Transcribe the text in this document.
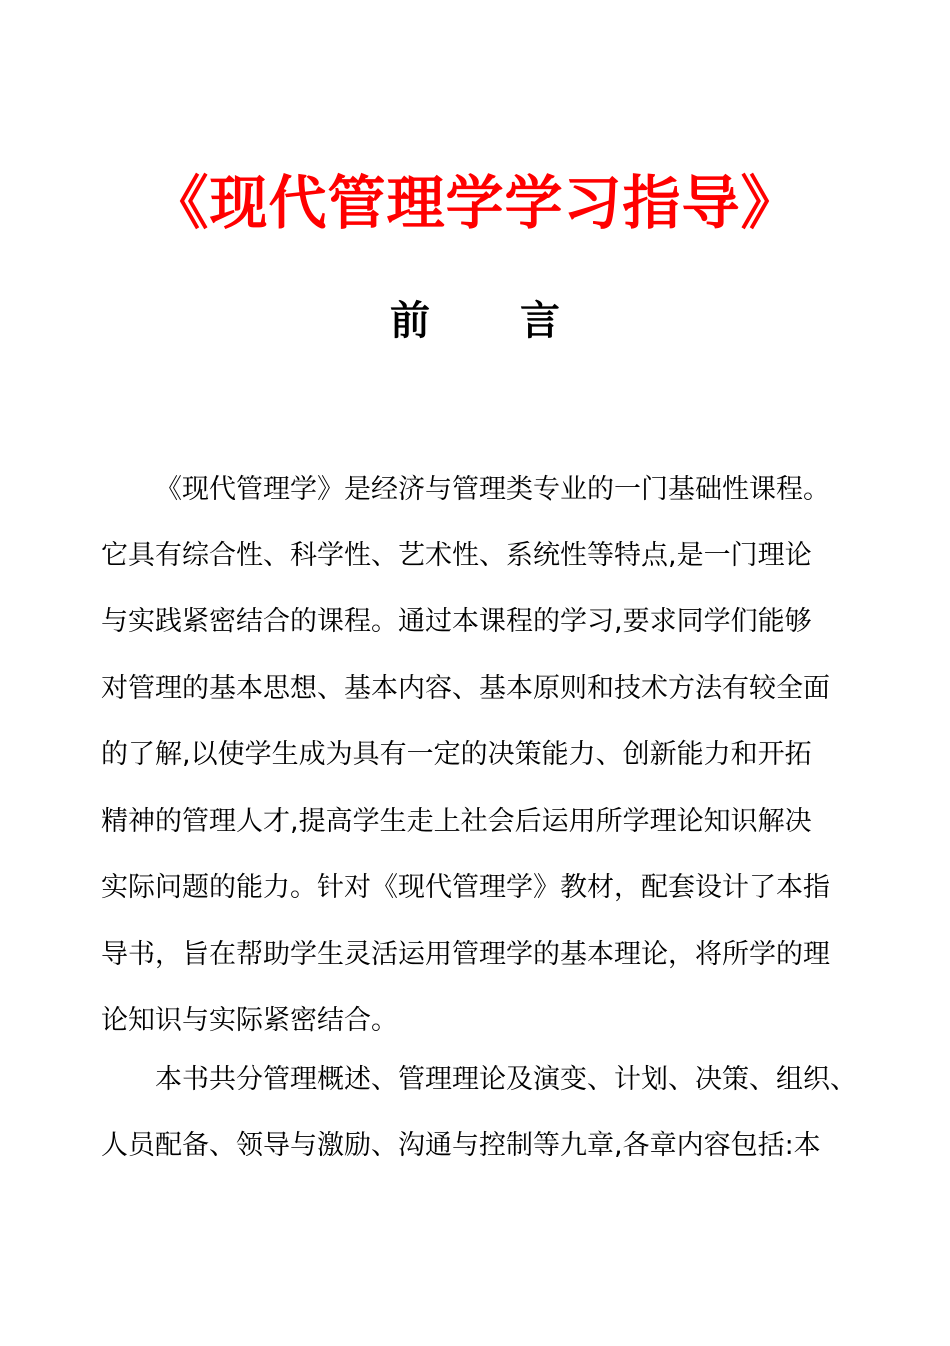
《现代管理学学习指导》
前 言
《现代管理学》是经济与管理类专业的一门基础性课程。
它具有综合性、科学性、艺术性、系统性等特点,是一门理论
与实践紧密结合的课程。通过本课程的学习,要求同学们能够
对管理的基本思想、基本内容、基本原则和技术方法有较全面
的了解,以使学生成为具有一定的决策能力、创新能力和开拓
精神的管理人才,提高学生走上社会后运用所学理论知识解决
实际问题的能力。针对《现代管理学》教材，配套设计了本指
导书，旨在帮助学生灵活运用管理学的基本理论，将所学的理
论知识与实际紧密结合。
本书共分管理概述、管理理论及演变、计划、决策、组织、
人员配备、领导与激励、沟通与控制等九章,各章内容包括:本
